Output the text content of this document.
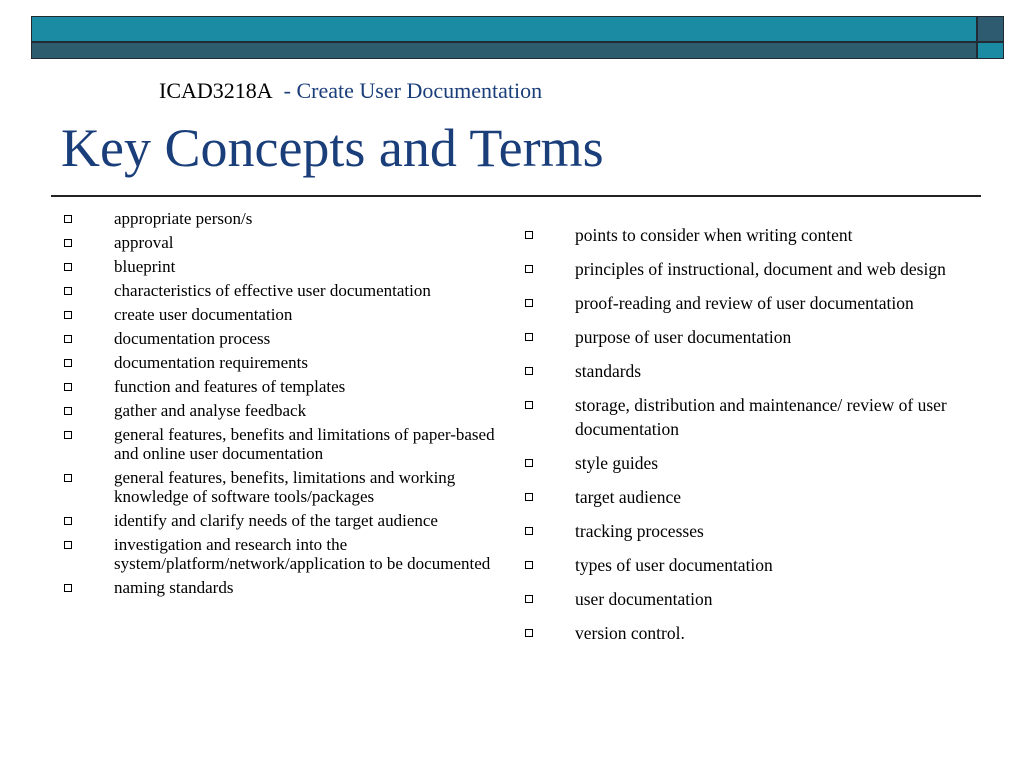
ICAD3218A - Create User Documentation
Key Concepts and Terms
appropriate person/s
approval
blueprint
characteristics of effective user documentation
create user documentation
documentation process
documentation requirements
function and features of templates
gather and analyse feedback
general features, benefits and limitations of paper-based and online user documentation
general features, benefits, limitations and working knowledge of software tools/packages
identify and clarify needs of the target audience
investigation and research into the system/platform/network/application to be documented
naming standards
points to consider when writing content
principles of instructional, document and web design
proof-reading and review of user documentation
purpose of user documentation
standards
storage, distribution and maintenance/ review of user documentation
style guides
target audience
tracking processes
types of user documentation
user documentation
version control.
